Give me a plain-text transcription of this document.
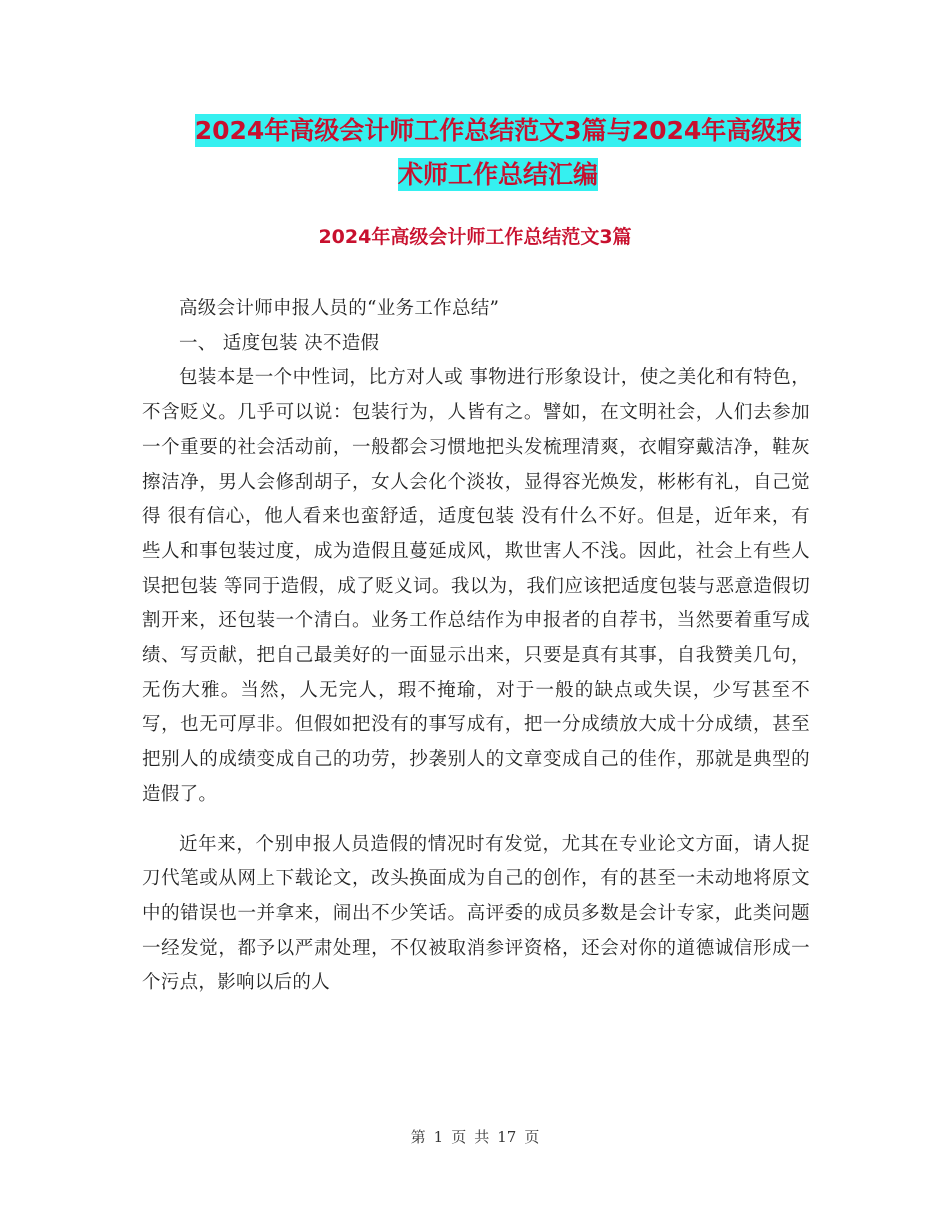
2024年高级会计师工作总结范文3篇与2024年高级技
术师工作总结汇编
2024年高级会计师工作总结范文3篇

高级会计师申报人员的“业务工作总结”

一、 适度包装 决不造假

包装本是一个中性词，比方对人或 事物进行形象设计，使之美化和有特色， 不含贬义。几乎可以说：包装行为，人皆有之。譬如，在文明社会，人们去参加一个重要的社会活动前，一般都会习惯地把头发梳理清爽，衣帽穿戴洁净，鞋灰擦洁净，男人会修刮胡子，女人会化个淡妆，显得容光焕发，彬彬有礼，自己觉得 很有信心，他人看来也蛮舒适，适度包装 没有什么不好。但是，近年来，有些人和事包装过度，成为造假且蔓延成风，欺世害人不浅。因此，社会上有些人误把包装 等同于造假，成了贬义词。我以为，我们应该把适度包装与恶意造假切割开来，还包装一个清白。业务工作总结作为申报者的自荐书，当然要着重写成绩、写贡献，把自己最美好的一面显示出来，只要是真有其事，自我赞美几句，无伤大雅。当然，人无完人，瑕不掩瑜，对于一般的缺点或失误，少写甚至不写，也无可厚非。但假如把没有的事写成有，把一分成绩放大成十分成绩，甚至把别人的成绩变成自己的功劳，抄袭别人的文章变成自己的佳作，那就是典型的造假了。

近年来，个别申报人员造假的情况时有发觉，尤其在专业论文方面，请人捉刀代笔或从网上下载论文，改头换面成为自己的创作，有的甚至一未动地将原文中的错误也一并拿来，闹出不少笑话。高评委的成员多数是会计专家，此类问题一经发觉，都予以严肃处理，不仅被取消参评资格，还会对你的道德诚信形成一个污点，影响以后的人

第 1 页 共 17 页
